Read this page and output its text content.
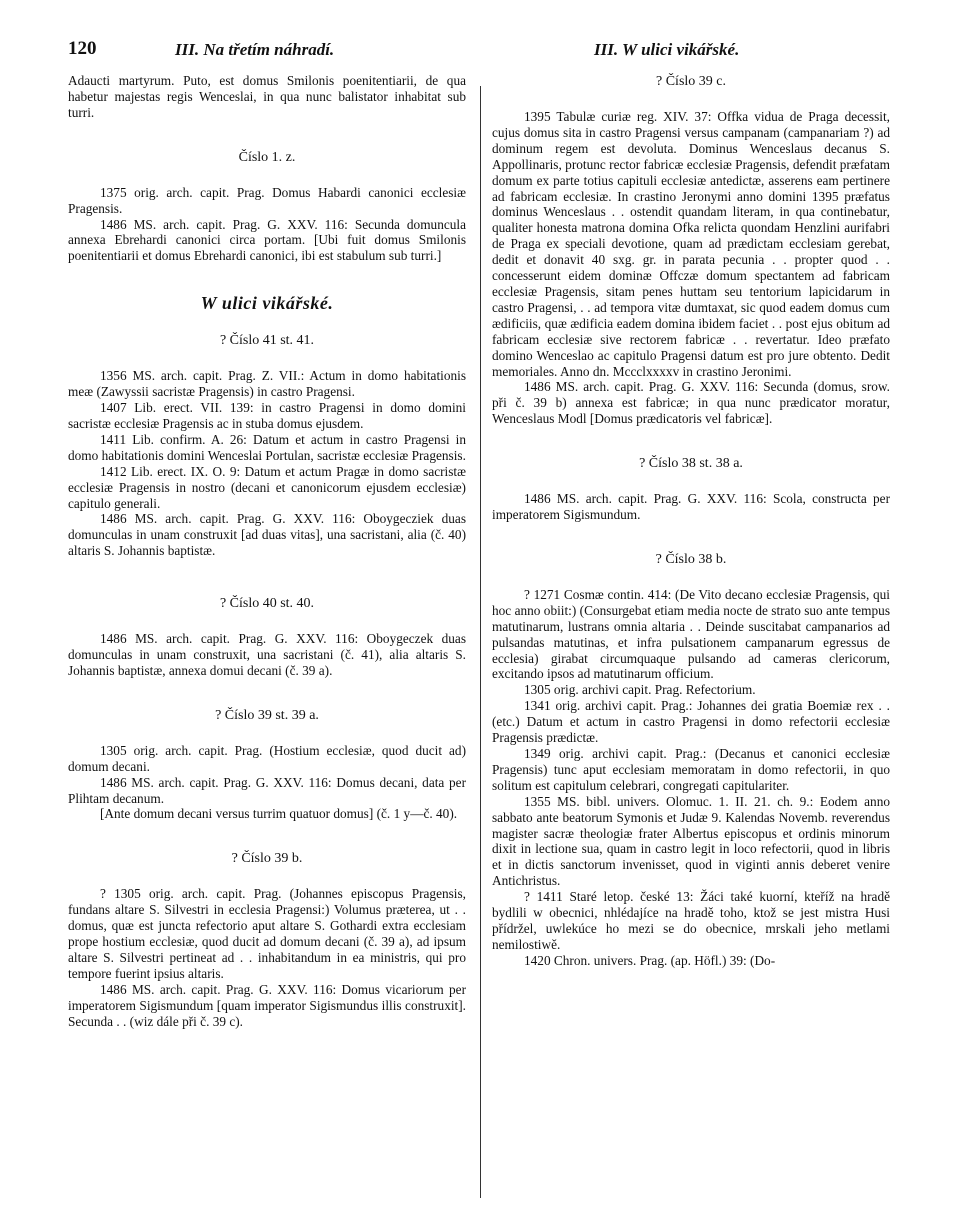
120	III. Na třetím náhradí.	III. W ulici vikářské.

Adaucti martyrum. Puto, est domus Smilonis poenitentiarii, de qua habetur majestas regis Wenceslai, in qua nunc balistator inhabitat sub turri.

Číslo 1. z.

1375 orig. arch. capit. Prag. Domus Habardi canonici ecclesiæ Pragensis.

1486 MS. arch. capit. Prag. G. XXV. 116: Secunda domuncula annexa Ebrehardi canonici circa portam. [Ubi fuit domus Smilonis poenitentiarii et domus Ebrehardi canonici, ibi est stabulum sub turri.]

W ulici vikářské.
? Číslo 41 st. 41.

1356 MS. arch. capit. Prag. Z. VII.: Actum in domo habitationis meæ (Zawyssii sacristæ Pragensis) in castro Pragensi.

1407 Lib. erect. VII. 139: in castro Pragensi in domo domini sacristæ ecclesiæ Pragensis ac in stuba domus ejusdem.

1411 Lib. confirm. A. 26: Datum et actum in castro Pragensi in domo habitationis domini Wenceslai Portulan, sacristæ ecclesiæ Pragensis.

1412 Lib. erect. IX. O. 9: Datum et actum Pragæ in domo sacristæ ecclesiæ Pragensis in nostro (decani et canonicorum ejusdem ecclesiæ) capitulo generali.

1486 MS. arch. capit. Prag. G. XXV. 116: Oboygecziek duas domunculas in unam construxit [ad duas vitas], una sacristani, alia (č. 40) altaris S. Johannis baptistæ.

? Číslo 40 st. 40.

1486 MS. arch. capit. Prag. G. XXV. 116: Oboygeczek duas domunculas in unam construxit, una sacristani (č. 41), alia altaris S. Johannis baptistæ, annexa domui decani (č. 39 a).

? Číslo 39 st. 39 a.

1305 orig. arch. capit. Prag. (Hostium ecclesiæ, quod ducit ad) domum decani.

1486 MS. arch. capit. Prag. G. XXV. 116: Domus decani, data per Plihtam decanum.

[Ante domum decani versus turrim quatuor domus] (č. 1 y—č. 40).

? Číslo 39 b.

? 1305 orig. arch. capit. Prag. (Johannes episcopus Pragensis, fundans altare S. Silvestri in ecclesia Pragensi:) Volumus præterea, ut . . domus, quæ est juncta refectorio aput altare S. Gothardi extra ecclesiam prope hostium ecclesiæ, quod ducit ad domum decani (č. 39 a), ad ipsum altare S. Silvestri pertineat ad . . inhabitandum in ea ministris, qui pro tempore fuerint ipsius altaris.

1486 MS. arch. capit. Prag. G. XXV. 116: Domus vicariorum per imperatorem Sigismundum [quam imperator Sigismundus illis construxit]. Secunda . . (wiz dále při č. 39 c).

? Číslo 39 c.

1395 Tabulæ curiæ reg. XIV. 37: Offka vidua de Praga decessit, cujus domus sita in castro Pragensi versus campanam (campanariam ?) ad dominum regem est devoluta. Dominus Wenceslaus decanus S. Appollinaris, protunc rector fabricæ ecclesiæ Pragensis, defendit præfatam domum ex parte totius capituli ecclesiæ antedictæ, asserens eam pertinere ad fabricam ecclesiæ. In crastino Jeronymi anno domini 1395 præfatus dominus Wenceslaus . . ostendit quandam literam, in qua continebatur, qualiter honesta matrona domina Ofka relicta quondam Henzlini aurifabri de Praga ex speciali devotione, quam ad prædictam ecclesiam gerebat, dedit et donavit 40 sxg. gr. in parata pecunia . . propter quod . . concesserunt eidem dominæ Offczæ domum spectantem ad fabricam ecclesiæ Pragensis, sitam penes huttam seu tentorium lapicidarum in castro Pragensi, . . ad tempora vitæ dumtaxat, sic quod eadem domus cum ædificiis, quæ ædificia eadem domina ibidem faciet . . post ejus obitum ad fabricam ecclesiæ sive rectorem fabricæ . . revertatur. Ideo præfato domino Wenceslao ac capitulo Pragensi datum est pro jure obtento. Dedit memoriales. Anno dn. Mccclxxxxv in crastino Jeronimi.

1486 MS. arch. capit. Prag. G. XXV. 116: Secunda (domus, srow. při č. 39 b) annexa est fabricæ; in qua nunc prædicator moratur, Wenceslaus Modl [Domus prædicatoris vel fabricæ].

? Číslo 38 st. 38 a.

1486 MS. arch. capit. Prag. G. XXV. 116: Scola, constructa per imperatorem Sigismundum.

? Číslo 38 b.

? 1271 Cosmæ contin. 414: (De Vito decano ecclesiæ Pragensis, qui hoc anno obiit:) (Consurgebat etiam media nocte de strato suo ante tempus matutinarum, lustrans omnia altaria . . Deinde suscitabat campanarios ad pulsandas matutinas, et infra pulsationem campanarum egressus de ecclesia) girabat circumquaque pulsando ad cameras clericorum, excitando ipsos ad matutinarum officium.

1305 orig. archivi capit. Prag. Refectorium.

1341 orig. archivi capit. Prag.: Johannes dei gratia Boemiæ rex . . (etc.) Datum et actum in castro Pragensi in domo refectorii ecclesiæ Pragensis prædictæ.

1349 orig. archivi capit. Prag.: (Decanus et canonici ecclesiæ Pragensis) tunc aput ecclesiam memoratam in domo refectorii, in quo solitum est capitulum celebrari, congregati capitulariter.

1355 MS. bibl. univers. Olomuc. 1. II. 21. ch. 9.: Eodem anno sabbato ante beatorum Symonis et Judæ 9. Kalendas Novemb. reverendus magister sacræ theologiæ frater Albertus episcopus et ordinis minorum dixit in lectione sua, quam in castro legit in loco refectorii, quod in libris et in dictis sanctorum invenisset, quod in viginti annis deberet venire Antichristus.

? 1411 Staré letop. české 13: Žáci také kuorní, kteříž na hradě bydlili w obecnici, nhlédajíce na hradě toho, ktož se jest mistra Husi přídržel, uwlekúce ho mezi se do obecnice, mrskali jeho metlami nemilostiwě.

1420 Chron. univers. Prag. (ap. Höfl.) 39: (Do-
